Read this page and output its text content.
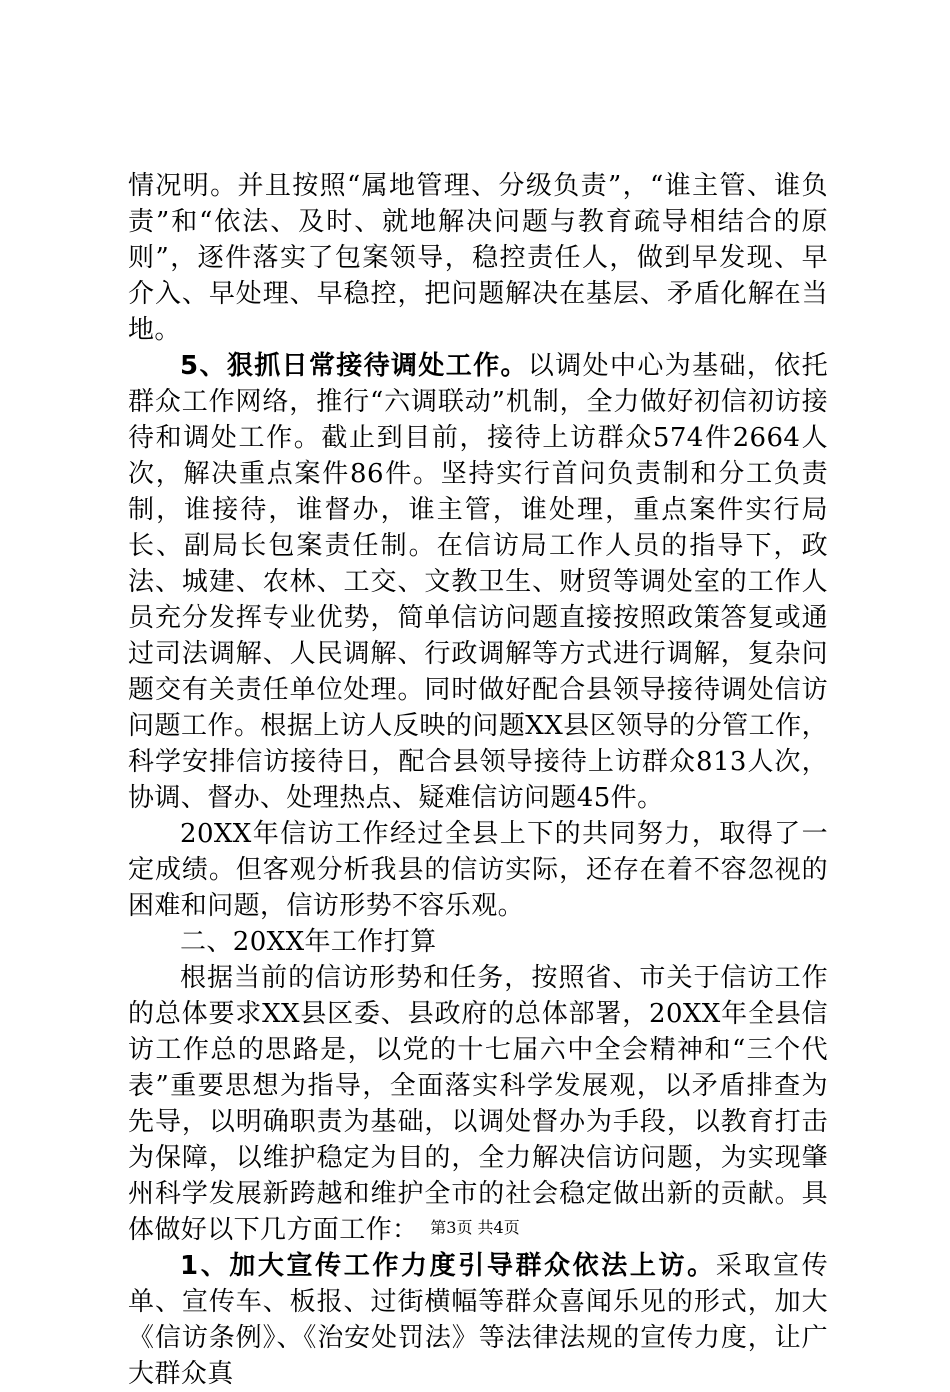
情况明。并且按照“属地管理、分级负责”，“谁主管、谁负责”和“依法、及时、就地解决问题与教育疏导相结合的原则”，逐件落实了包案领导，稳控责任人，做到早发现、早介入、早处理、早稳控，把问题解决在基层、矛盾化解在当地。

5、狠抓日常接待调处工作。以调处中心为基础，依托群众工作网络，推行“六调联动”机制，全力做好初信初访接待和调处工作。截止到目前，接待上访群众574件2664人次，解决重点案件86件。坚持实行首问负责制和分工负责制，谁接待，谁督办，谁主管，谁处理，重点案件实行局长、副局长包案责任制。在信访局工作人员的指导下，政法、城建、农林、工交、文教卫生、财贸等调处室的工作人员充分发挥专业优势，简单信访问题直接按照政策答复或通过司法调解、人民调解、行政调解等方式进行调解，复杂问题交有关责任单位处理。同时做好配合县领导接待调处信访问题工作。根据上访人反映的问题XX县区领导的分管工作，科学安排信访接待日，配合县领导接待上访群众813人次，协调、督办、处理热点、疑难信访问题45件。

20XX年信访工作经过全县上下的共同努力，取得了一定成绩。但客观分析我县的信访实际，还存在着不容忽视的困难和问题，信访形势不容乐观。

二、20XX年工作打算

根据当前的信访形势和任务，按照省、市关于信访工作的总体要求XX县区委、县政府的总体部署，20XX年全县信访工作总的思路是，以党的十七届六中全会精神和“三个代表”重要思想为指导，全面落实科学发展观，以矛盾排查为先导，以明确职责为基础，以调处督办为手段，以教育打击为保障，以维护稳定为目的，全力解决信访问题，为实现肇州科学发展新跨越和维护全市的社会稳定做出新的贡献。具体做好以下几方面工作：

1、加大宣传工作力度引导群众依法上访。采取宣传单、宣传车、板报、过街横幅等群众喜闻乐见的形式，加大《信访条例》、《治安处罚法》等法律法规的宣传力度，让广大群众真

第3页 共4页
